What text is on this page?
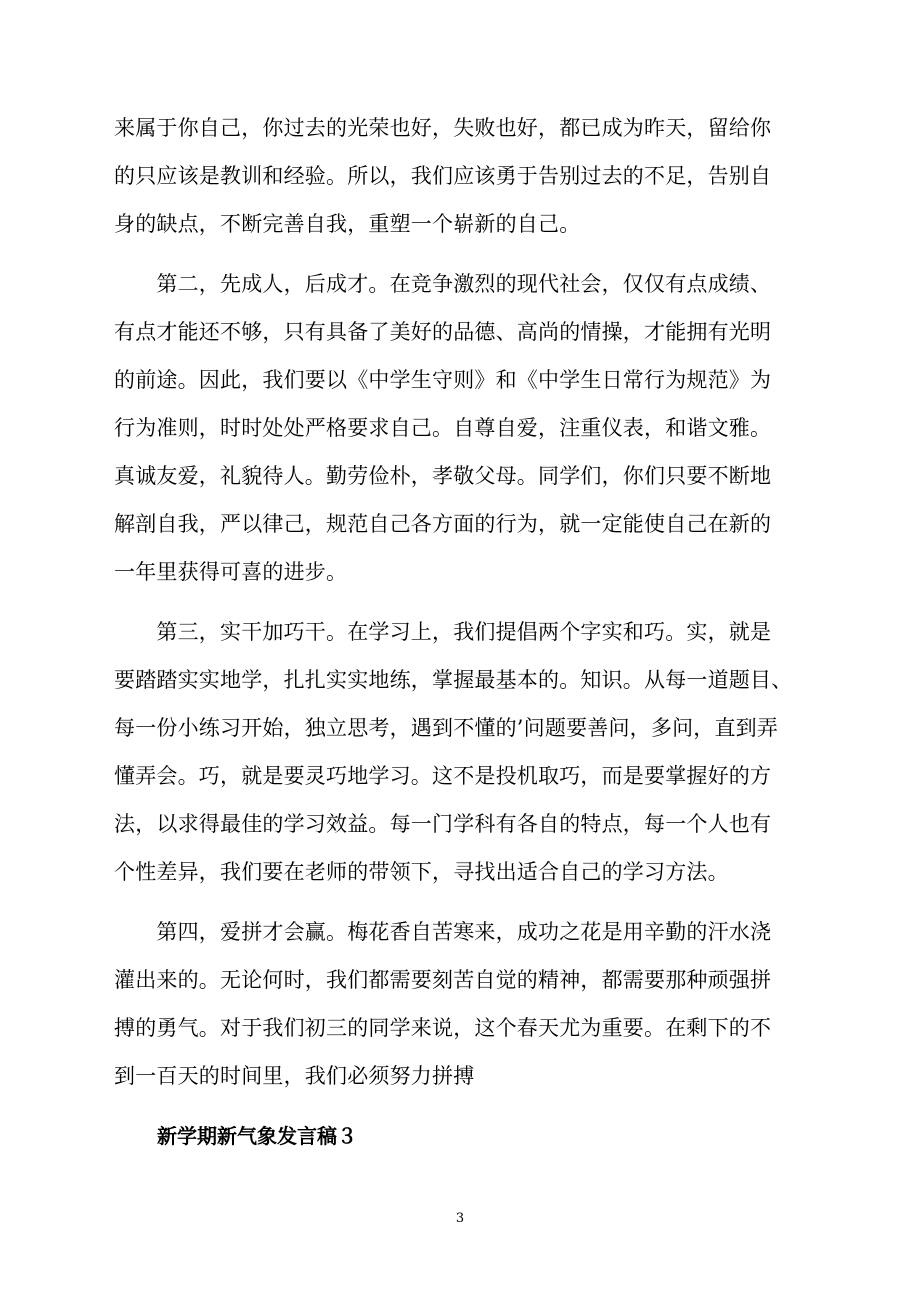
来属于你自己，你过去的光荣也好，失败也好，都已成为昨天，留给你
的只应该是教训和经验。所以，我们应该勇于告别过去的不足，告别自
身的缺点，不断完善自我，重塑一个崭新的自己。
　　第二，先成人，后成才。在竞争激烈的现代社会，仅仅有点成绩、
有点才能还不够，只有具备了美好的品德、高尚的情操，才能拥有光明
的前途。因此，我们要以《中学生守则》和《中学生日常行为规范》为
行为准则，时时处处严格要求自己。自尊自爱，注重仪表，和谐文雅。
真诚友爱，礼貌待人。勤劳俭朴，孝敬父母。同学们，你们只要不断地
解剖自我，严以律己，规范自己各方面的行为，就一定能使自己在新的
一年里获得可喜的进步。
　　第三，实干加巧干。在学习上，我们提倡两个字实和巧。实，就是
要踏踏实实地学，扎扎实实地练，掌握最基本的。知识。从每一道题目、
每一份小练习开始，独立思考，遇到不懂的’问题要善问，多问，直到弄
懂弄会。巧，就是要灵巧地学习。这不是投机取巧，而是要掌握好的方
法，以求得最佳的学习效益。每一门学科有各自的特点，每一个人也有
个性差异，我们要在老师的带领下，寻找出适合自己的学习方法。
　　第四，爱拼才会赢。梅花香自苦寒来，成功之花是用辛勤的汗水浇
灌出来的。无论何时，我们都需要刻苦自觉的精神，都需要那种顽强拼
搏的勇气。对于我们初三的同学来说，这个春天尤为重要。在剩下的不
到一百天的时间里，我们必须努力拼搏
新学期新气象发言稿３
3
